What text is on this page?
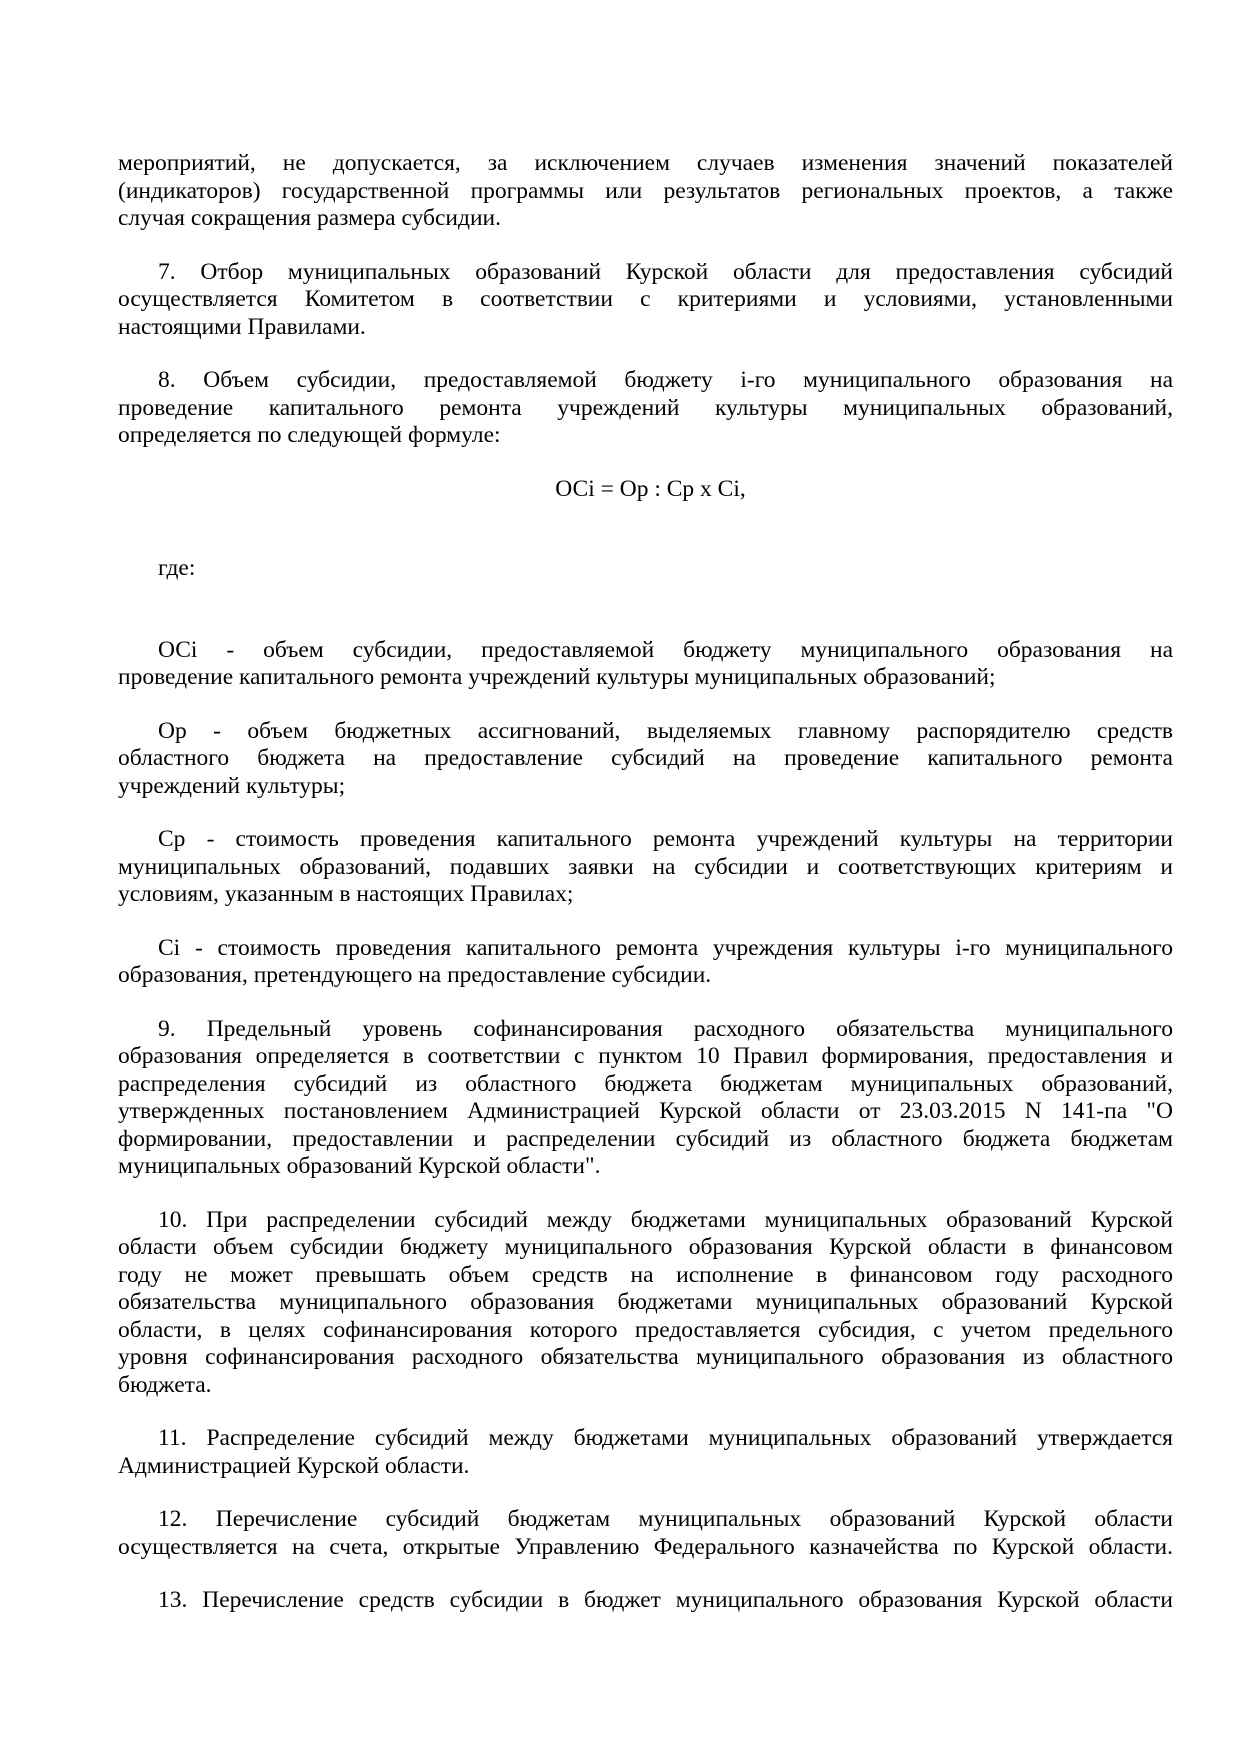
мероприятий, не допускается, за исключением случаев изменения значений показателей
(индикаторов) государственной программы или результатов региональных проектов, а также
случая сокращения размера субсидии.
7. Отбор муниципальных образований Курской области для предоставления субсидий
осуществляется Комитетом в соответствии с критериями и условиями, установленными
настоящими Правилами.
8. Объем субсидии, предоставляемой бюджету i-го муниципального образования на
проведение капитального ремонта учреждений культуры муниципальных образований,
определяется по следующей формуле:
ОСi = Ор : Ср х Сi,
где:
ОСi - объем субсидии, предоставляемой бюджету муниципального образования на
проведение капитального ремонта учреждений культуры муниципальных образований;
Ор - объем бюджетных ассигнований, выделяемых главному распорядителю средств
областного бюджета на предоставление субсидий на проведение капитального ремонта
учреждений культуры;
Ср - стоимость проведения капитального ремонта учреждений культуры на территории
муниципальных образований, подавших заявки на субсидии и соответствующих критериям и
условиям, указанным в настоящих Правилах;
Сi - стоимость проведения капитального ремонта учреждения культуры i-го муниципального
образования, претендующего на предоставление субсидии.
9. Предельный уровень софинансирования расходного обязательства муниципального
образования определяется в соответствии с пунктом 10 Правил формирования, предоставления и
распределения субсидий из областного бюджета бюджетам муниципальных образований,
утвержденных постановлением Администрацией Курской области от 23.03.2015 N 141-па "О
формировании, предоставлении и распределении субсидий из областного бюджета бюджетам
муниципальных образований Курской области".
10. При распределении субсидий между бюджетами муниципальных образований Курской
области объем субсидии бюджету муниципального образования Курской области в финансовом
году не может превышать объем средств на исполнение в финансовом году расходного
обязательства муниципального образования бюджетами муниципальных образований Курской
области, в целях софинансирования которого предоставляется субсидия, с учетом предельного
уровня софинансирования расходного обязательства муниципального образования из областного
бюджета.
11. Распределение субсидий между бюджетами муниципальных образований утверждается
Администрацией Курской области.
12. Перечисление субсидий бюджетам муниципальных образований Курской области
осуществляется на счета, открытые Управлению Федерального казначейства по Курской области.
13. Перечисление средств субсидии в бюджет муниципального образования Курской области
